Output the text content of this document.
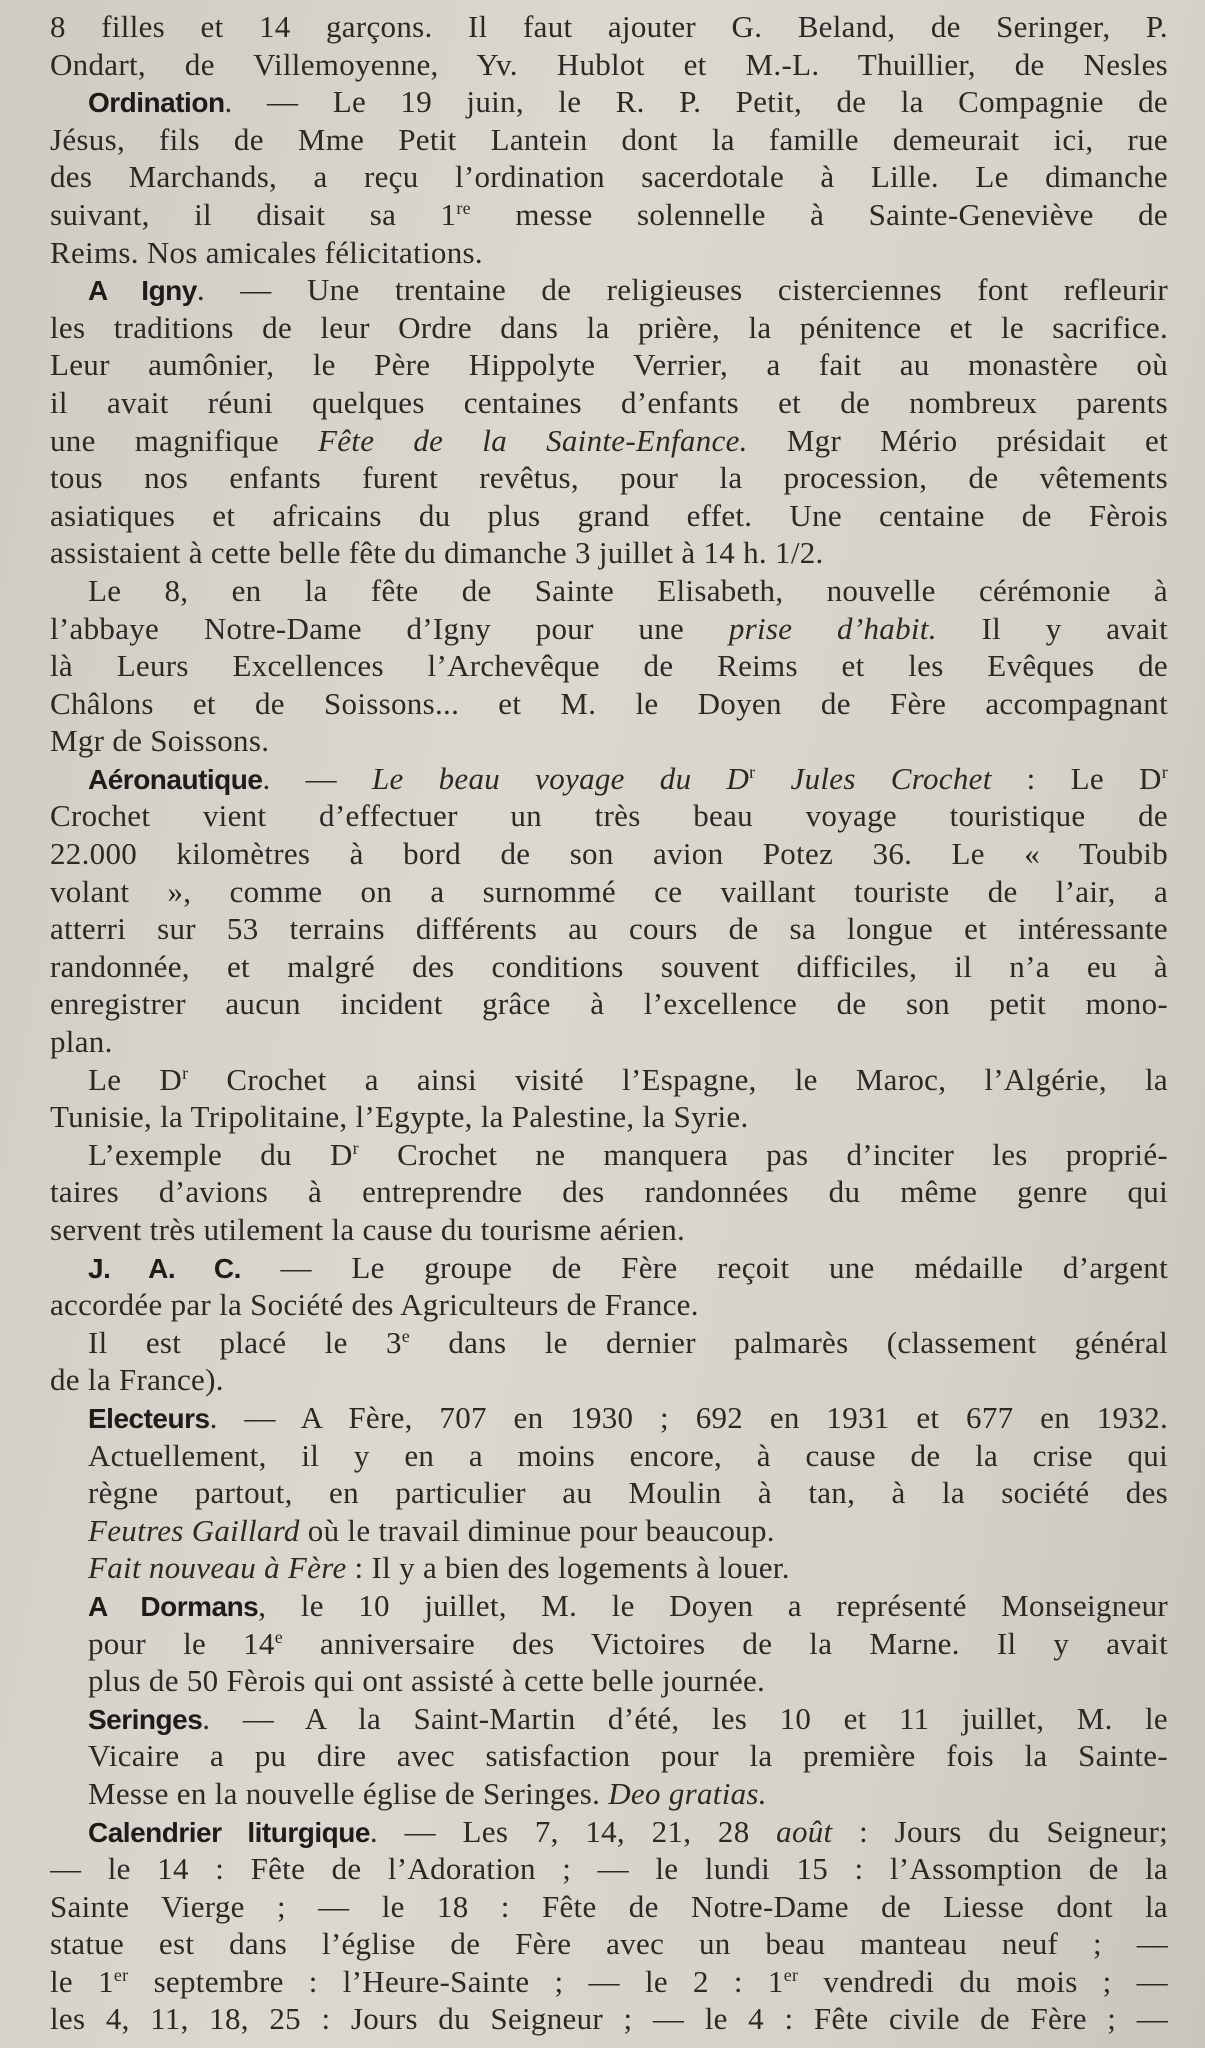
8 filles et 14 garçons. Il faut ajouter G. Beland, de Seringer, P.
Ondart, de Villemoyenne, Yv. Hublot et M.-L. Thuillier, de Nesles
Ordination. — Le 19 juin, le R. P. Petit, de la Compagnie de
Jésus, fils de Mme Petit Lantein dont la famille demeurait ici, rue
des Marchands, a reçu l’ordination sacerdotale à Lille. Le dimanche
suivant, il disait sa 1re messe solennelle à Sainte-Geneviève de
Reims. Nos amicales félicitations.
A Igny. — Une trentaine de religieuses cisterciennes font refleurir
les traditions de leur Ordre dans la prière, la pénitence et le sacrifice.
Leur aumônier, le Père Hippolyte Verrier, a fait au monastère où
il avait réuni quelques centaines d’enfants et de nombreux parents
une magnifique Fête de la Sainte-Enfance. Mgr Mério présidait et
tous nos enfants furent revêtus, pour la procession, de vêtements
asiatiques et africains du plus grand effet. Une centaine de Fèrois
assistaient à cette belle fête du dimanche 3 juillet à 14 h. 1/2.
Le 8, en la fête de Sainte Elisabeth, nouvelle cérémonie à
l’abbaye Notre-Dame d’Igny pour une prise d’habit. Il y avait
là Leurs Excellences l’Archevêque de Reims et les Evêques de
Châlons et de Soissons... et M. le Doyen de Fère accompagnant
Mgr de Soissons.
Aéronautique. — Le beau voyage du $D^r$ Jules Crochet : Le $D^r$
Crochet vient d’effectuer un très beau voyage touristique de
22.000 kilomètres à bord de son avion Potez 36. Le « Toubib
volant », comme on a surnommé ce vaillant touriste de l’air, a
atterri sur 53 terrains différents au cours de sa longue et intéressante
randonnée, et malgré des conditions souvent difficiles, il n’a eu à
enregistrer aucun incident grâce à l’excellence de son petit mono-
plan.
Le $D^r$ Crochet a ainsi visité l’Espagne, le Maroc, l’Algérie, la
Tunisie, la Tripolitaine, l’Egypte, la Palestine, la Syrie.
L’exemple du $D^r$ Crochet ne manquera pas d’inciter les proprié-
taires d’avions à entreprendre des randonnées du même genre qui
servent très utilement la cause du tourisme aérien.
J. A. C. — Le groupe de Fère reçoit une médaille d’argent
accordée par la Société des Agriculteurs de France.
Il est placé le 3e dans le dernier palmarès (classement général
de la France).
Electeurs. — A Fère, 707 en 1930 ; 692 en 1931 et 677 en 1932.
Actuellement, il y en a moins encore, à cause de la crise qui
règne partout, en particulier au Moulin à tan, à la société des
Feutres Gaillard où le travail diminue pour beaucoup.
Fait nouveau à Fère : Il y a bien des logements à louer.
A Dormans, le 10 juillet, M. le Doyen a représenté Monseigneur
pour le 14e anniversaire des Victoires de la Marne. Il y avait
plus de 50 Fèrois qui ont assisté à cette belle journée.
Seringes. — A la Saint-Martin d’été, les 10 et 11 juillet, M. le
Vicaire a pu dire avec satisfaction pour la première fois la Sainte-
Messe en la nouvelle église de Seringes. Deo gratias.
Calendrier liturgique. — Les 7, 14, 21, 28 août : Jours du Seigneur;
— le 14 : Fête de l’Adoration ; — le lundi 15 : l’Assomption de la
Sainte Vierge ; — le 18 : Fête de Notre-Dame de Liesse dont la
statue est dans l’église de Fère avec un beau manteau neuf ; —
le 1er septembre : l’Heure-Sainte ; — le 2 : 1er vendredi du mois ; —
les 4, 11, 18, 25 : Jours du Seigneur ; — le 4 : Fête civile de Fère ; —
